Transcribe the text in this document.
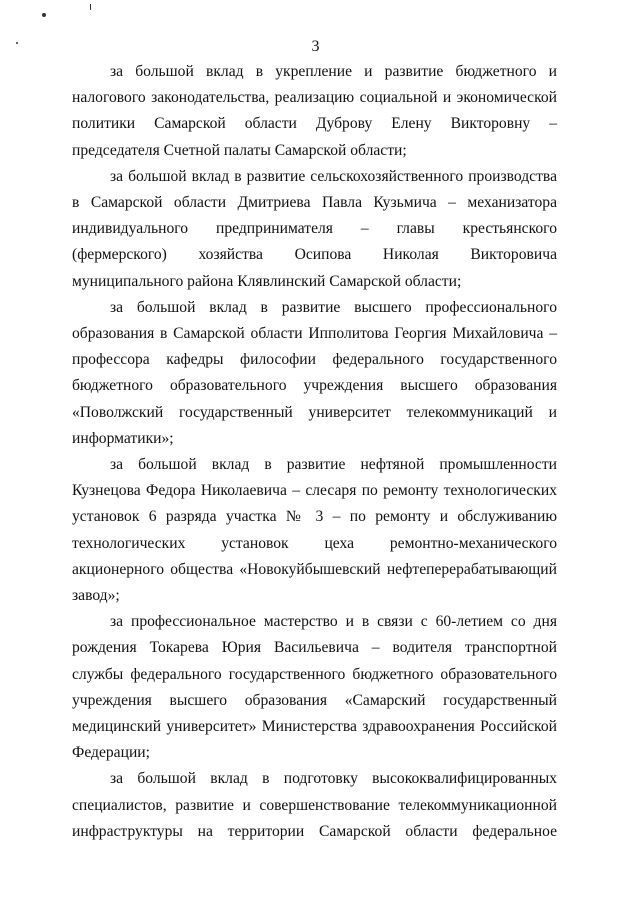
3

за большой вклад в укрепление и развитие бюджетного и налогового законодательства, реализацию социальной и экономической политики Самарской области Дуброву Елену Викторовну – председателя Счетной палаты Самарской области;

за большой вклад в развитие сельскохозяйственного производства в Самарской области Дмитриева Павла Кузьмича – механизатора индивидуального предпринимателя – главы крестьянского (фермерского) хозяйства Осипова Николая Викторовича муниципального района Клявлинский Самарской области;

за большой вклад в развитие высшего профессионального образования в Самарской области Ипполитова Георгия Михайловича – профессора кафедры философии федерального государственного бюджетного образовательного учреждения высшего образования «Поволжский государственный университет телекоммуникаций и информатики»;

за большой вклад в развитие нефтяной промышленности Кузнецова Федора Николаевича – слесаря по ремонту технологических установок 6 разряда участка № 3 – по ремонту и обслуживанию технологических установок цеха ремонтно-механического акционерного общества «Новокуйбышевский нефтеперерабатывающий завод»;

за профессиональное мастерство и в связи с 60-летием со дня рождения Токарева Юрия Васильевича – водителя транспортной службы федерального государственного бюджетного образовательного учреждения высшего образования «Самарский государственный медицинский университет» Министерства здравоохранения Российской Федерации;

за большой вклад в подготовку высококвалифицированных специалистов, развитие и совершенствование телекоммуникационной инфраструктуры на территории Самарской области федеральное
